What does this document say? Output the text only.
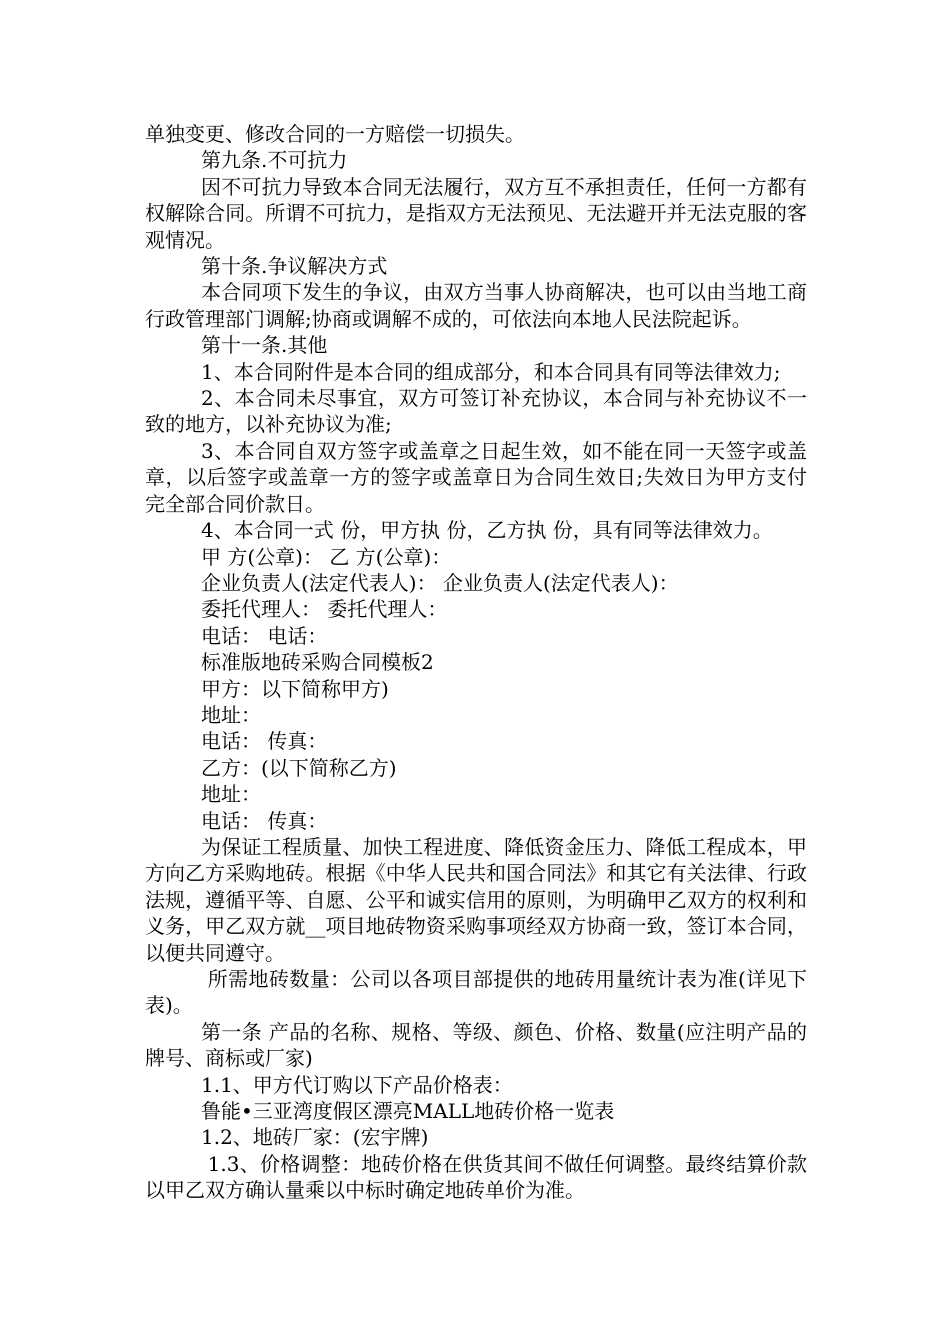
单独变更、修改合同的一方赔偿一切损失。

第九条.不可抗力

因不可抗力导致本合同无法履行，双方互不承担责任，任何一方都有权解除合同。所谓不可抗力，是指双方无法预见、无法避开并无法克服的客观情况。

第十条.争议解决方式

本合同项下发生的争议，由双方当事人协商解决，也可以由当地工商行政管理部门调解;协商或调解不成的，可依法向本地人民法院起诉。

第十一条.其他

1、本合同附件是本合同的组成部分，和本合同具有同等法律效力;

2、本合同未尽事宜，双方可签订补充协议，本合同与补充协议不一致的地方，以补充协议为准;

3、本合同自双方签字或盖章之日起生效，如不能在同一天签字或盖章，以后签字或盖章一方的签字或盖章日为合同生效日;失效日为甲方支付完全部合同价款日。

4、本合同一式 份，甲方执 份，乙方执 份，具有同等法律效力。

甲 方(公章)： 乙 方(公章)：

企业负责人(法定代表人)： 企业负责人(法定代表人)：

委托代理人： 委托代理人：

电话： 电话：

标准版地砖采购合同模板2

甲方：以下简称甲方)

地址：

电话： 传真：

乙方：(以下简称乙方)

地址：

电话： 传真：

为保证工程质量、加快工程进度、降低资金压力、降低工程成本，甲方向乙方采购地砖。根据《中华人民共和国合同法》和其它有关法律、行政法规，遵循平等、自愿、公平和诚实信用的原则，为明确甲乙双方的权利和义务，甲乙双方就__项目地砖物资采购事项经双方协商一致，签订本合同，以便共同遵守。

所需地砖数量：公司以各项目部提供的地砖用量统计表为准(详见下表)。

第一条 产品的名称、规格、等级、颜色、价格、数量(应注明产品的牌号、商标或厂家)

1.1、甲方代订购以下产品价格表：

鲁能•三亚湾度假区漂亮MALL地砖价格一览表

1.2、地砖厂家：(宏宇牌)

1.3、价格调整：地砖价格在供货其间不做任何调整。最终结算价款以甲乙双方确认量乘以中标时确定地砖单价为准。
